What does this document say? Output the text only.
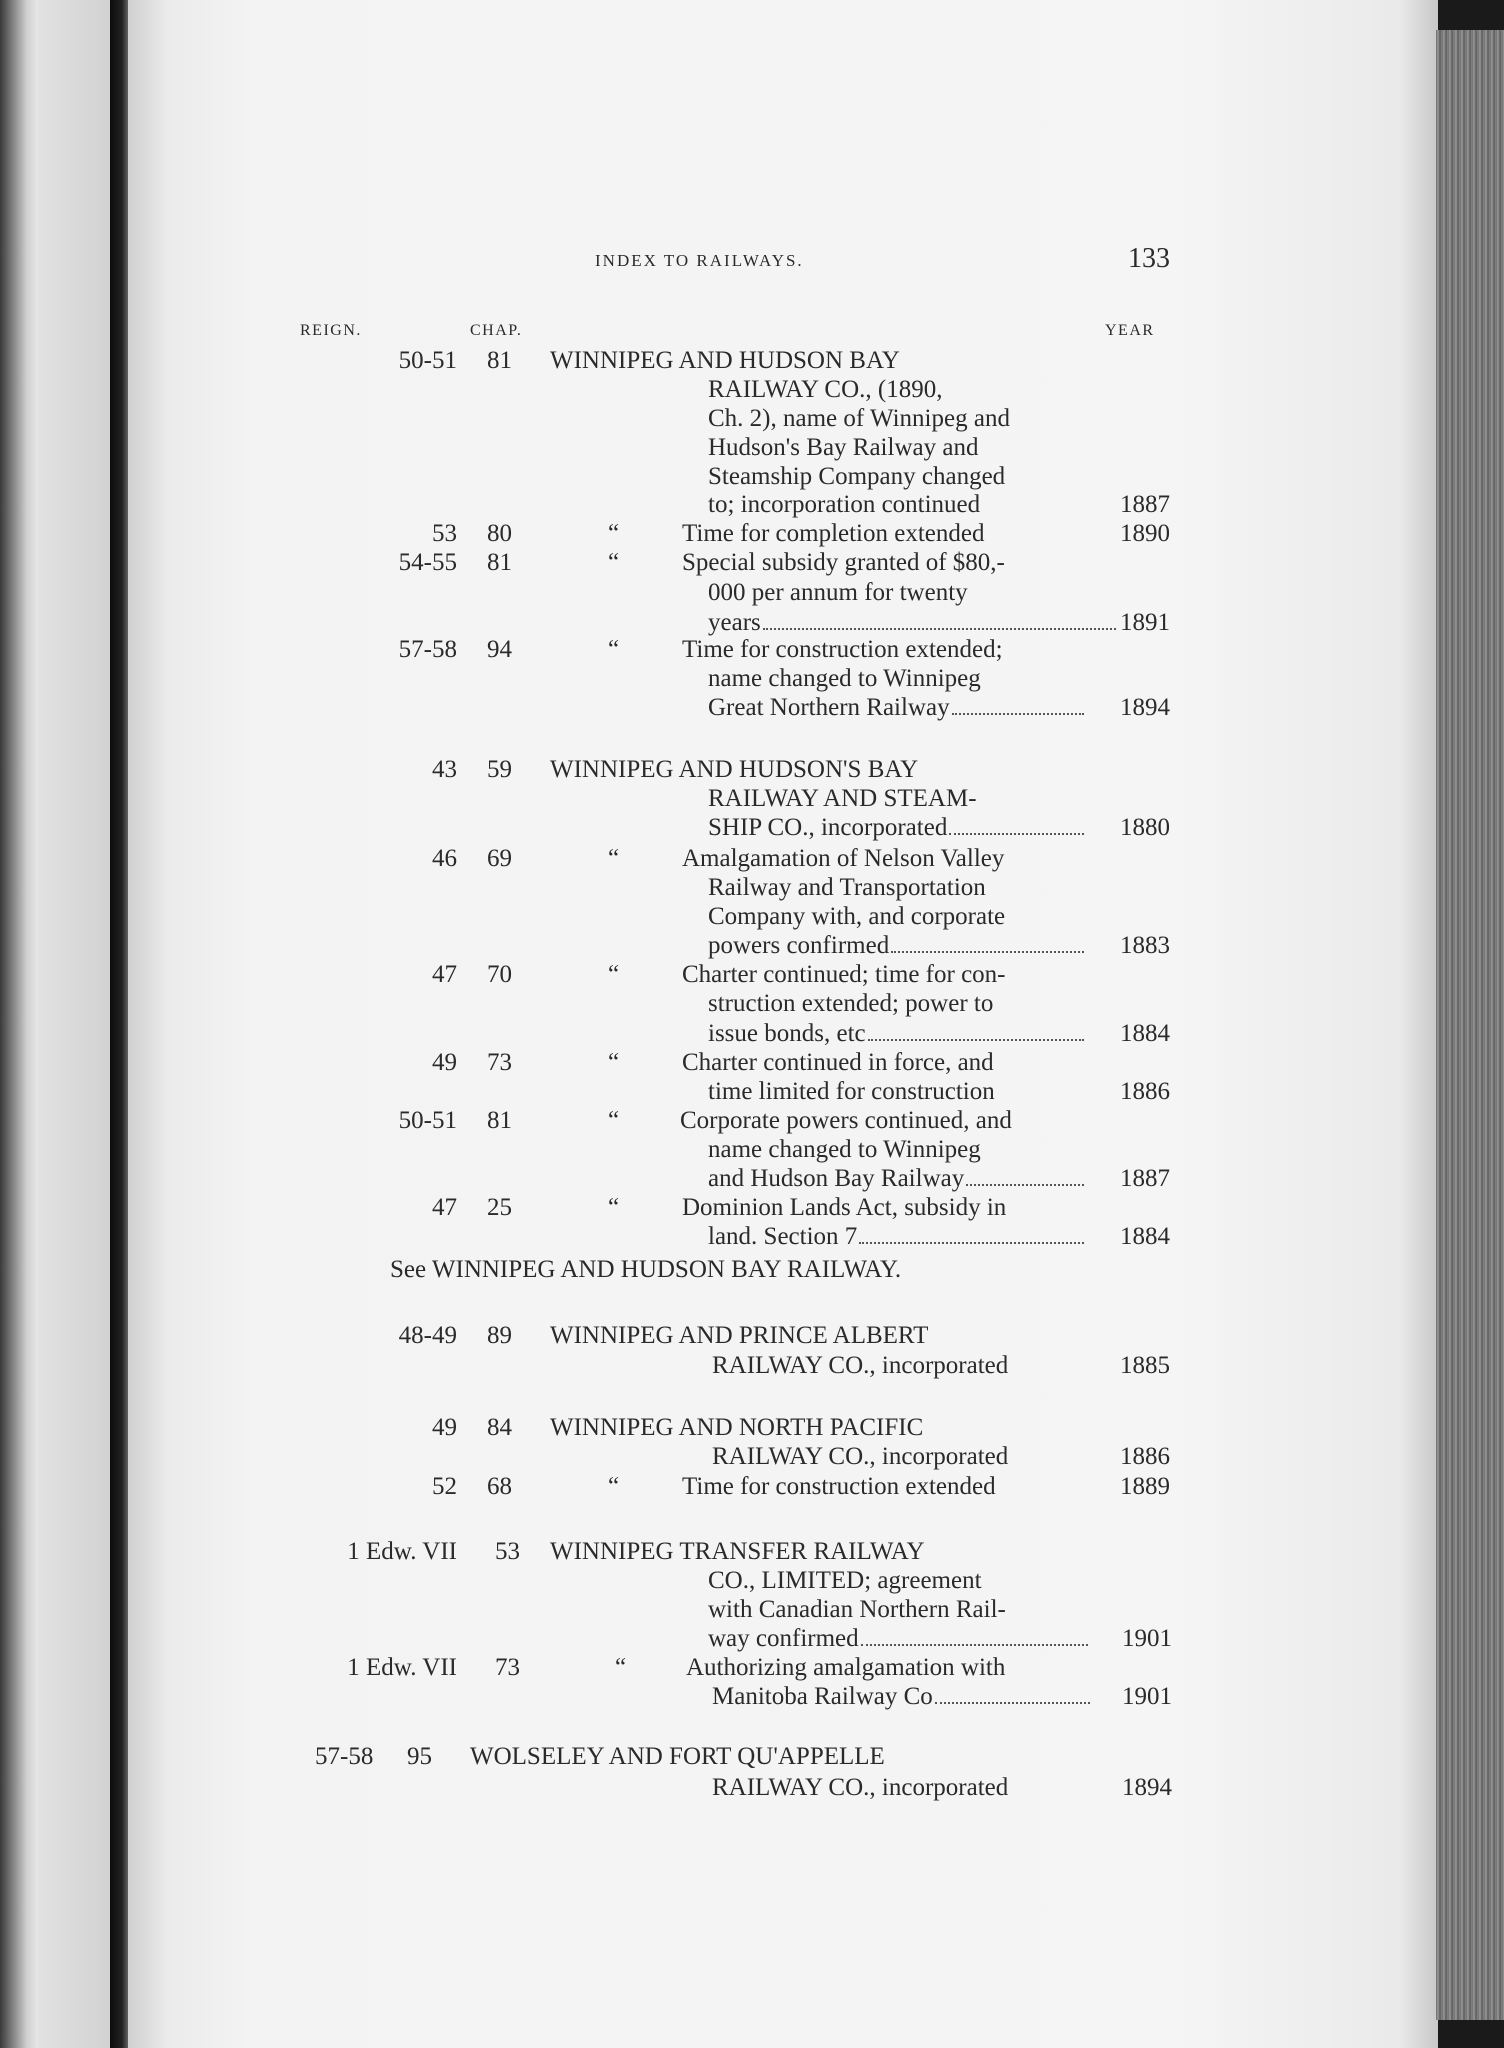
INDEX TO RAILWAYS.	133
REIGN.	CHAP.	YEAR
50-51 81 WINNIPEG AND HUDSON BAY
RAILWAY CO., (1890,
Ch. 2), name of Winnipeg and
Hudson's Bay Railway and
Steamship Company changed
to; incorporation continued	1887
53 80	“	Time for completion extended	1890
54-55 81	“	Special subsidy granted of $80,-
000 per annum for twenty
years	1891
57-58 94	“	Time for construction extended;
name changed to Winnipeg
Great Northern Railway	1894
43 59 WINNIPEG AND HUDSON'S BAY
RAILWAY AND STEAM-
SHIP CO., incorporated	1880
46 69	“	Amalgamation of Nelson Valley
Railway and Transportation
Company with, and corporate
powers confirmed	1883
47 70	“	Charter continued; time for con-
struction extended; power to
issue bonds, etc	1884
49 73	“	Charter continued in force, and
time limited for construction	1886
50-51 81	“ Corporate powers continued, and
name changed to Winnipeg
and Hudson Bay Railway	1887
47 25	“	Dominion Lands Act, subsidy in
land. Section 7	1884
See WINNIPEG AND HUDSON BAY RAILWAY.
48-49 89 WINNIPEG AND PRINCE ALBERT
RAILWAY CO., incorporated	1885
49 84 WINNIPEG AND NORTH PACIFIC
RAILWAY CO., incorporated	1886
52 68	“	Time for construction extended	1889
1 Edw. VII 53 WINNIPEG TRANSFER RAILWAY
CO., LIMITED; agreement
with Canadian Northern Rail-
way confirmed	1901
1 Edw. VII 73	“ Authorizing amalgamation with
Manitoba Railway Co	1901
57-58 95 WOLSELEY AND FORT QU'APPELLE
RAILWAY CO., incorporated	1894
